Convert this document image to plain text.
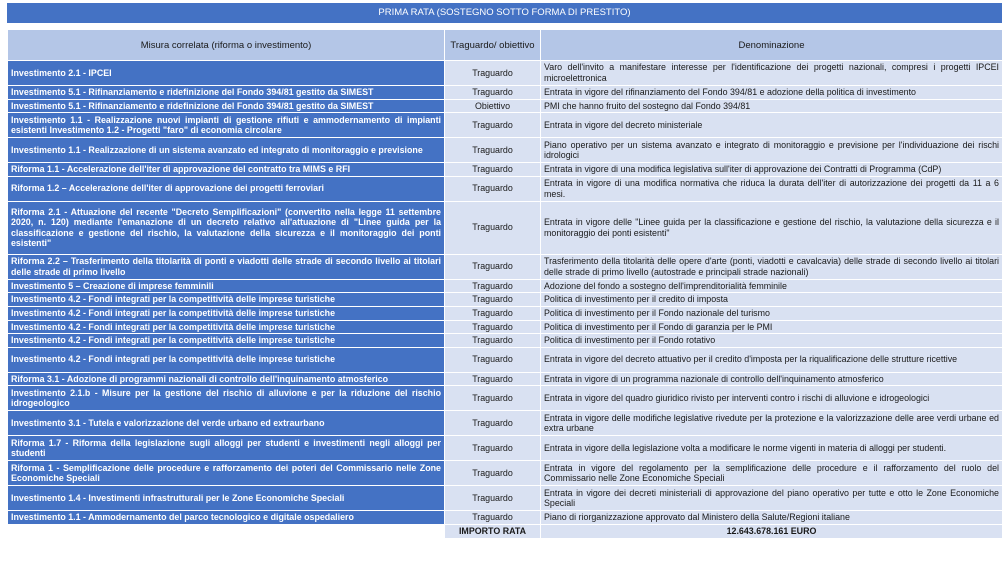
PRIMA RATA (SOSTEGNO SOTTO FORMA DI PRESTITO)
Misura correlata (riforma o investimento)	Traguardo/ obiettivo	Denominazione
Investimento 2.1 - IPCEI	Traguardo	Varo dell'invito a manifestare interesse per l'identificazione dei progetti nazionali, compresi i progetti IPCEI microelettronica
Investimento 5.1 - Rifinanziamento e ridefinizione del Fondo 394/81 gestito da SIMEST	Traguardo	Entrata in vigore del rifinanziamento del Fondo 394/81 e adozione della politica di investimento
Investimento 5.1 - Rifinanziamento e ridefinizione del Fondo 394/81 gestito da SIMEST	Obiettivo	PMI che hanno fruito del sostegno dal Fondo 394/81
Investimento 1.1 - Realizzazione nuovi impianti di gestione rifiuti e ammodernamento di impianti esistenti Investimento 1.2 - Progetti "faro" di economia circolare	Traguardo	Entrata in vigore del decreto ministeriale
Investimento 1.1 - Realizzazione di un sistema avanzato ed integrato di monitoraggio e previsione	Traguardo	Piano operativo per un sistema avanzato e integrato di monitoraggio e previsione per l'individuazione dei rischi idrologici
Riforma 1.1 - Accelerazione dell'iter di approvazione del contratto tra MIMS e RFI	Traguardo	Entrata in vigore di una modifica legislativa sull'iter di approvazione dei Contratti di Programma (CdP)
Riforma 1.2 – Accelerazione dell'iter di approvazione dei progetti ferroviari	Traguardo	Entrata in vigore di una modifica normativa che riduca la durata dell'iter di autorizzazione dei progetti da 11 a 6 mesi.
Riforma 2.1 - Attuazione del recente "Decreto Semplificazioni" (convertito nella legge 11 settembre 2020, n. 120) mediante l'emanazione di un decreto relativo all'attuazione di "Linee guida per la classificazione e gestione del rischio, la valutazione della sicurezza e il monitoraggio dei ponti esistenti"	Traguardo	Entrata in vigore delle "Linee guida per la classificazione e gestione del rischio, la valutazione della sicurezza e il monitoraggio dei ponti esistenti"
Riforma 2.2 – Trasferimento della titolarità di ponti e viadotti delle strade di secondo livello ai titolari delle strade di primo livello	Traguardo	Trasferimento della titolarità delle opere d'arte (ponti, viadotti e cavalcavia) delle strade di secondo livello ai titolari delle strade di primo livello (autostrade e principali strade nazionali)
Investimento 5 – Creazione di imprese femminili	Traguardo	Adozione del fondo a sostegno dell'imprenditorialità femminile
Investimento 4.2 - Fondi integrati per la competitività delle imprese turistiche	Traguardo	Politica di investimento per il credito di imposta
Investimento 4.2 - Fondi integrati per la competitività delle imprese turistiche	Traguardo	Politica di investimento per il Fondo nazionale del turismo
Investimento 4.2 - Fondi integrati per la competitività delle imprese turistiche	Traguardo	Politica di investimento per il Fondo di garanzia per le PMI
Investimento 4.2 - Fondi integrati per la competitività delle imprese turistiche	Traguardo	Politica di investimento per il Fondo rotativo
Investimento 4.2 - Fondi integrati per la competitività delle imprese turistiche	Traguardo	Entrata in vigore del decreto attuativo per il credito d'imposta per la riqualificazione delle strutture ricettive
Riforma 3.1 - Adozione di programmi nazionali di controllo dell'inquinamento atmosferico	Traguardo	Entrata in vigore di un programma nazionale di controllo dell'inquinamento atmosferico
Investimento 2.1.b - Misure per la gestione del rischio di alluvione e per la riduzione del rischio idrogeologico	Traguardo	Entrata in vigore del quadro giuridico rivisto per interventi contro i rischi di alluvione e idrogeologici
Investimento 3.1 - Tutela e valorizzazione del verde urbano ed extraurbano	Traguardo	Entrata in vigore delle modifiche legislative rivedute per la protezione e la valorizzazione delle aree verdi urbane ed extra urbane
Riforma 1.7 - Riforma della legislazione sugli alloggi per studenti e investimenti negli alloggi per studenti	Traguardo	Entrata in vigore della legislazione volta a modificare le norme vigenti in materia di alloggi per studenti.
Riforma 1 - Semplificazione delle procedure e rafforzamento dei poteri del Commissario nelle Zone Economiche Speciali	Traguardo	Entrata in vigore del regolamento per la semplificazione delle procedure e il rafforzamento del ruolo del Commissario nelle Zone Economiche Speciali
Investimento 1.4 - Investimenti infrastrutturali per le Zone Economiche Speciali	Traguardo	Entrata in vigore dei decreti ministeriali di approvazione del piano operativo per tutte e otto le Zone Economiche Speciali
Investimento 1.1 - Ammodernamento del parco tecnologico e digitale ospedaliero	Traguardo	Piano di riorganizzazione approvato dal Ministero della Salute/Regioni italiane
	IMPORTO RATA	12.643.678.161 EURO
